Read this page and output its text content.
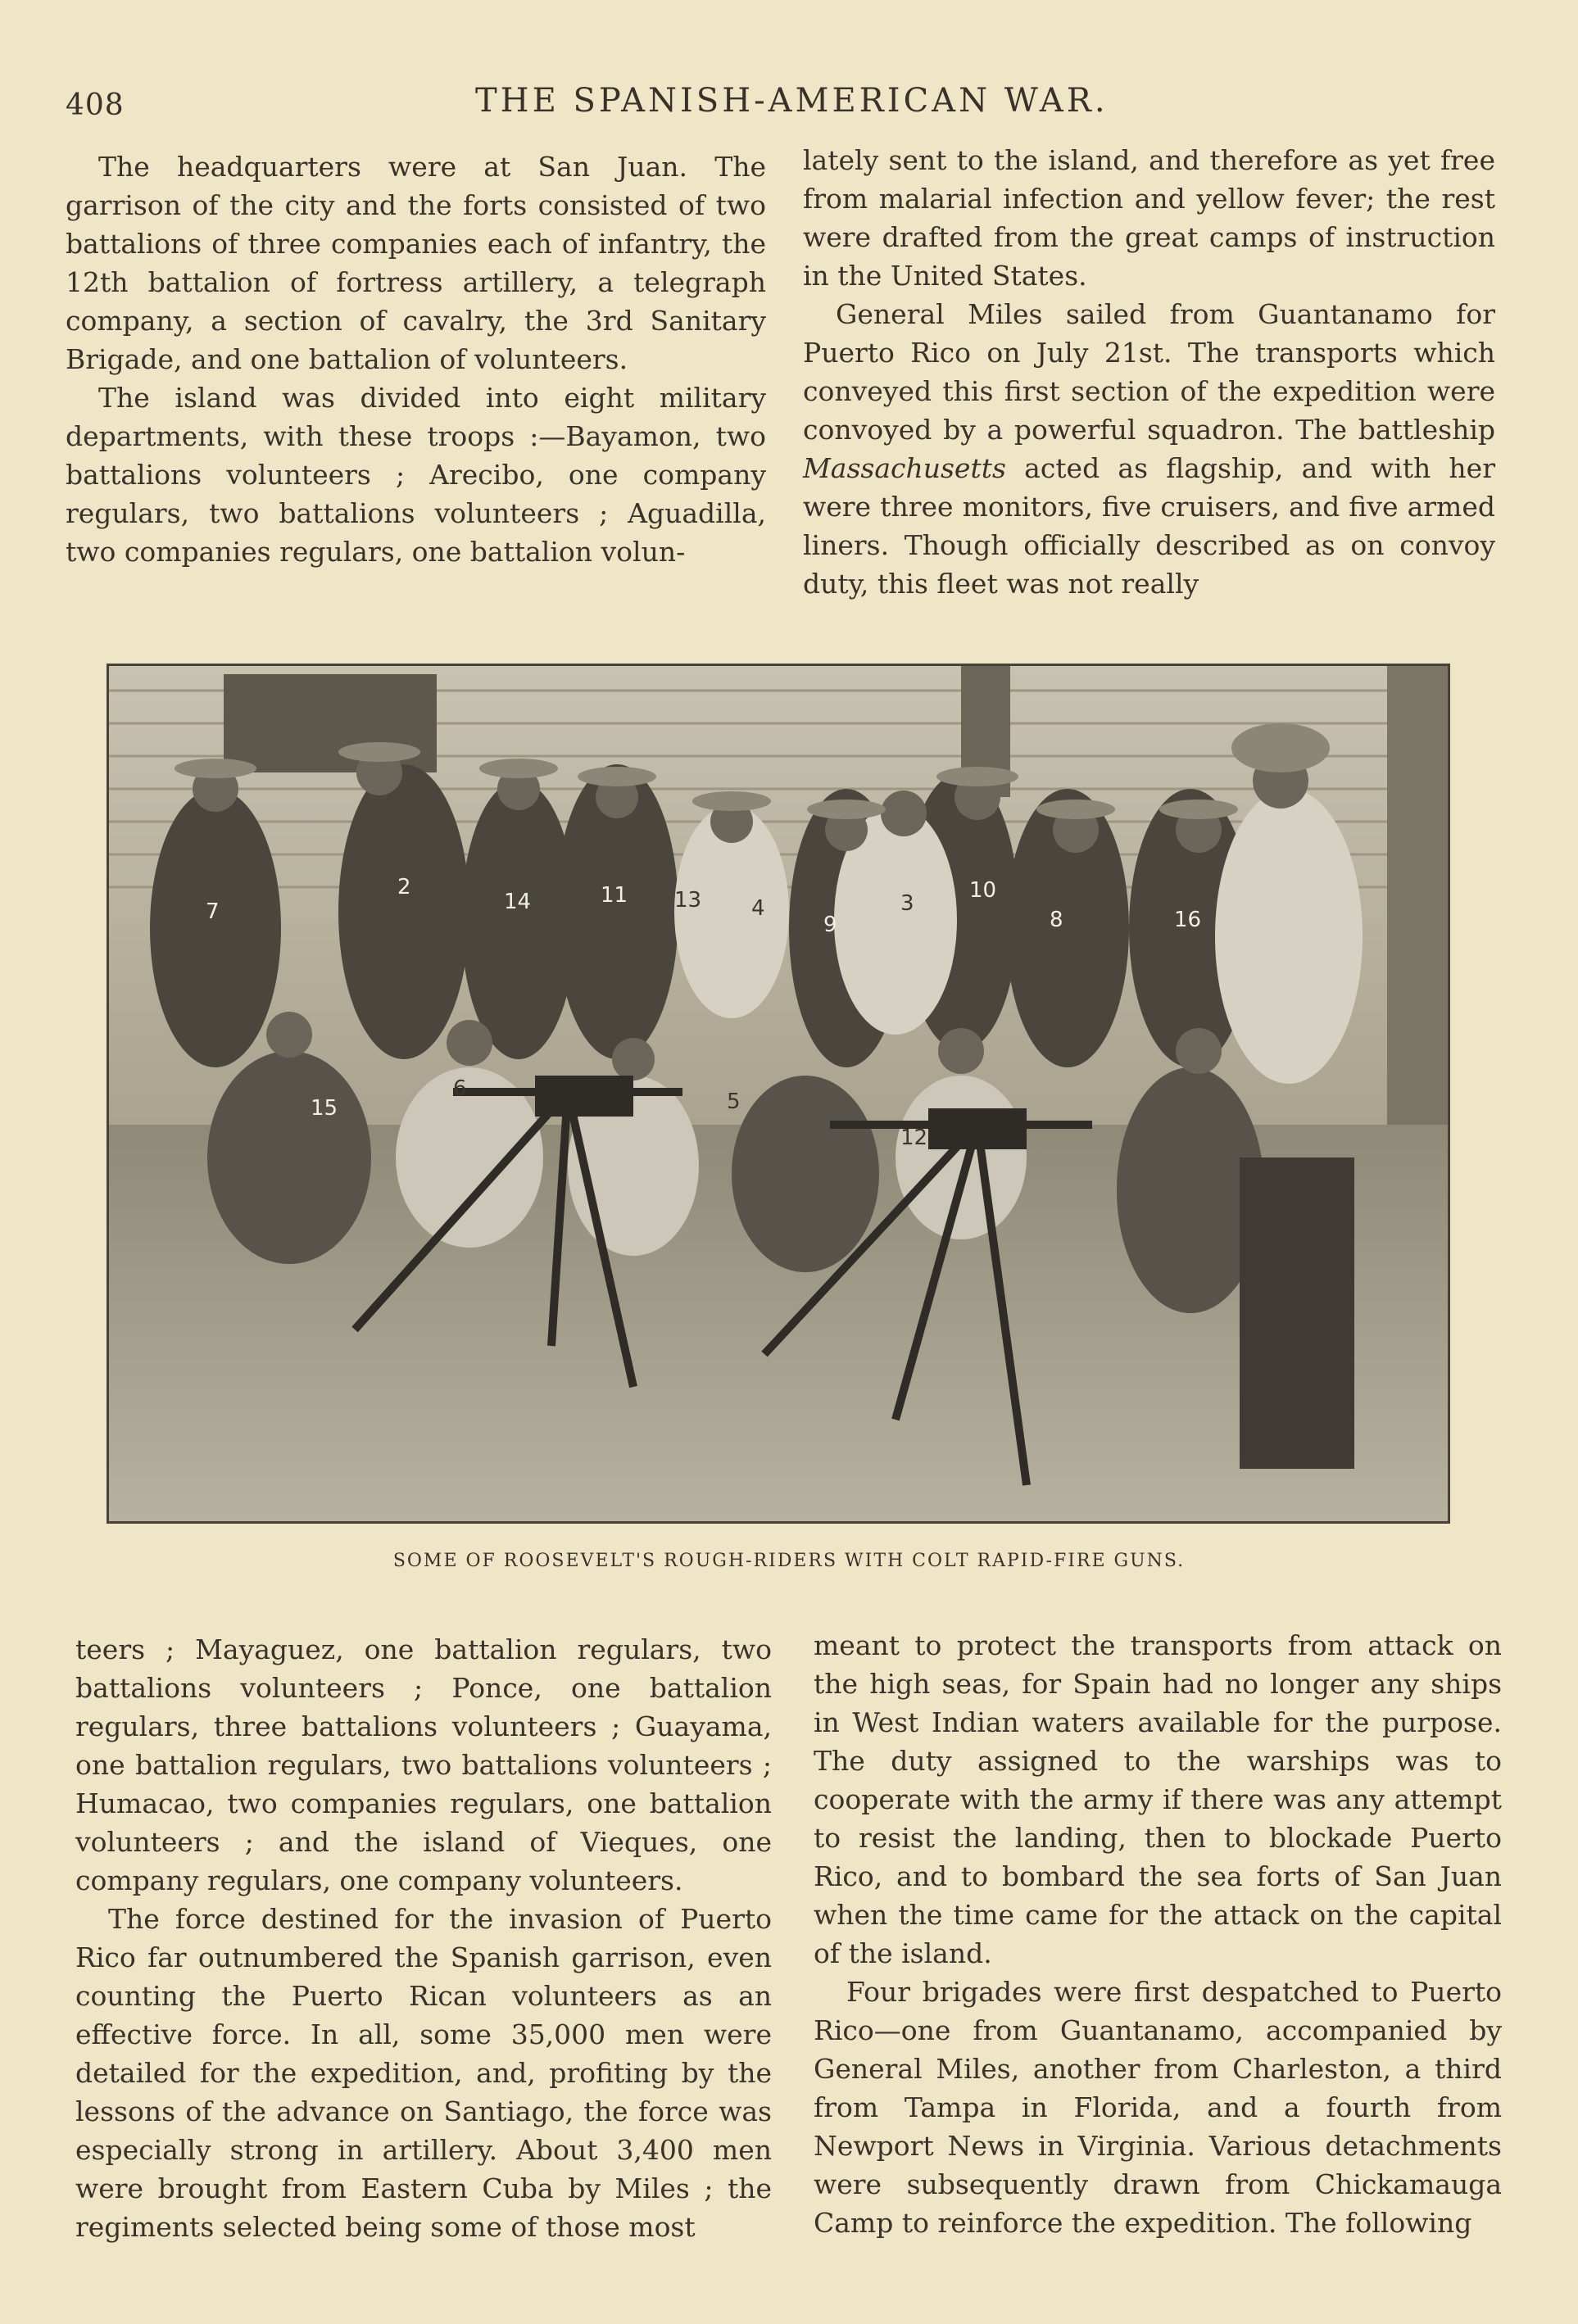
408	THE SPANISH-AMERICAN WAR.

The headquarters were at San Juan. The garrison of the city and the forts consisted of two battalions of three companies each of infantry, the 12th battalion of fortress artillery, a telegraph company, a section of cavalry, the 3rd Sanitary Brigade, and one battalion of volunteers.

The island was divided into eight military departments, with these troops :—Bayamon, two battalions volunteers ; Arecibo, one company regulars, two battalions volunteers ; Aguadilla, two companies regulars, one battalion volun-

lately sent to the island, and therefore as yet free from malarial infection and yellow fever; the rest were drafted from the great camps of instruction in the United States.

General Miles sailed from Guantanamo for Puerto Rico on July 21st. The transports which conveyed this first section of the expedition were convoyed by a powerful squadron. The battleship Massachusetts acted as flagship, and with her were three monitors, five cruisers, and five armed liners. Though officially described as on convoy duty, this fleet was not really

7
2
14	11 13 4
9
3
10
8	16
15
6
5
12
SOME OF ROOSEVELT'S ROUGH-RIDERS WITH COLT RAPID-FIRE GUNS.

teers ; Mayaguez, one battalion regulars, two battalions volunteers ; Ponce, one battalion regulars, three battalions volunteers ; Guayama, one battalion regulars, two battalions volunteers ; Humacao, two companies regulars, one battalion volunteers ; and the island of Vieques, one company regulars, one company volunteers.

The force destined for the invasion of Puerto Rico far outnumbered the Spanish garrison, even counting the Puerto Rican volunteers as an effective force. In all, some 35,000 men were detailed for the expedition, and, profiting by the lessons of the advance on Santiago, the force was especially strong in artillery. About 3,400 men were brought from Eastern Cuba by Miles ; the regiments selected being some of those most

meant to protect the transports from attack on the high seas, for Spain had no longer any ships in West Indian waters available for the purpose. The duty assigned to the warships was to cooperate with the army if there was any attempt to resist the landing, then to blockade Puerto Rico, and to bombard the sea forts of San Juan when the time came for the attack on the capital of the island.

Four brigades were first despatched to Puerto Rico—one from Guantanamo, accompanied by General Miles, another from Charleston, a third from Tampa in Florida, and a fourth from Newport News in Virginia. Various detachments were subsequently drawn from Chickamauga Camp to reinforce the expedition. The following
